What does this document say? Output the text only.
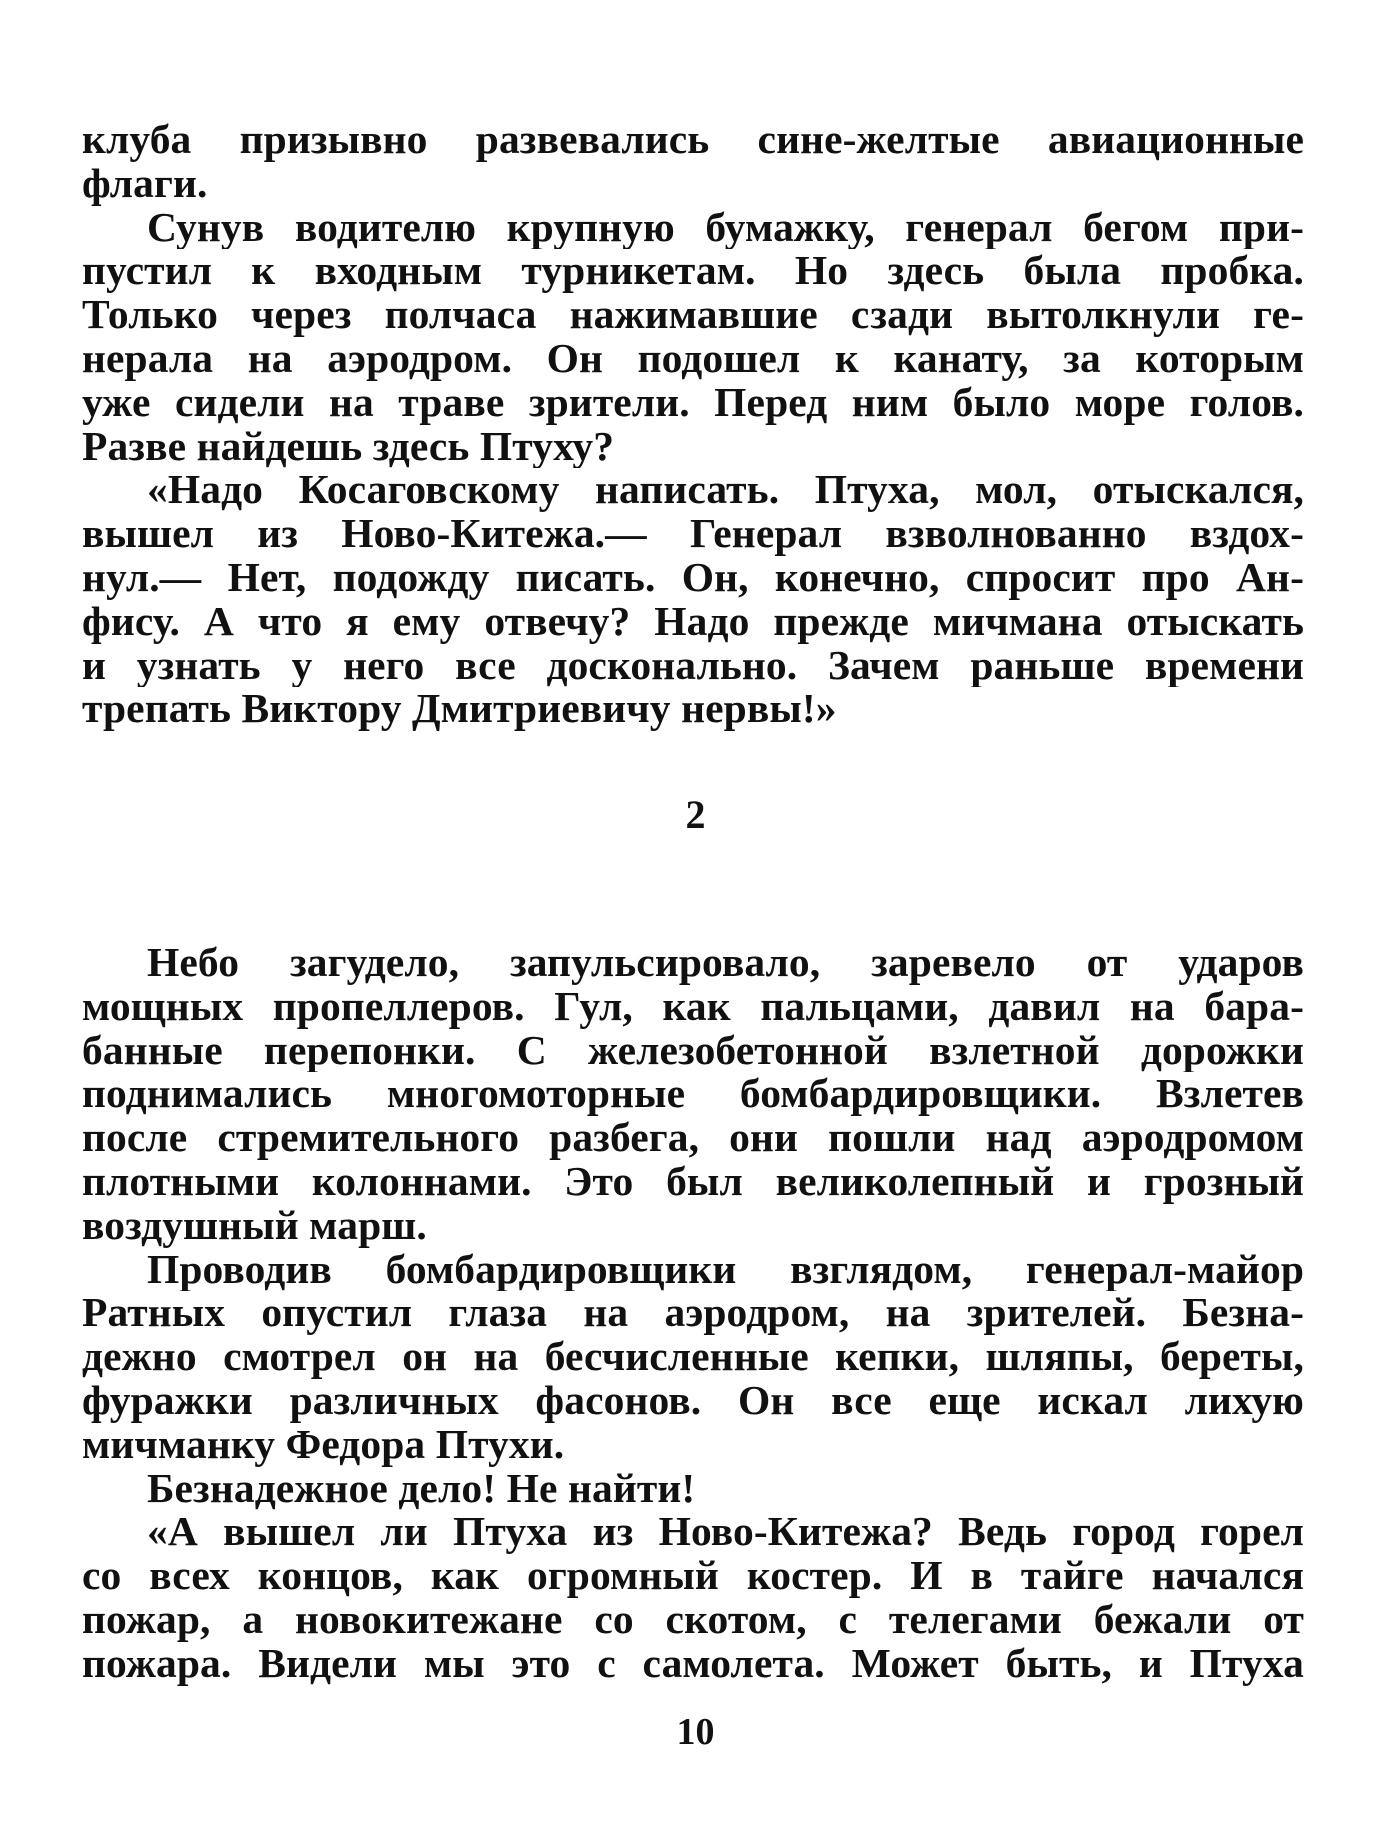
клуба призывно развевались сине-желтые авиационные
флаги.
Сунув водителю крупную бумажку, генерал бегом при-
пустил к входным турникетам. Но здесь была пробка.
Только через полчаса нажимавшие сзади вытолкнули ге-
нерала на аэродром. Он подошел к канату, за которым
уже сидели на траве зрители. Перед ним было море голов.
Разве найдешь здесь Птуху?
«Надо Косаговскому написать. Птуха, мол, отыскался,
вышел из Ново-Китежа.— Генерал взволнованно вздох-
нул.— Нет, подожду писать. Он, конечно, спросит про Ан-
фису. А что я ему отвечу? Надо прежде мичмана отыскать
и узнать у него все досконально. Зачем раньше времени
трепать Виктору Дмитриевичу нервы!»
2
Небо загудело, запульсировало, заревело от ударов
мощных пропеллеров. Гул, как пальцами, давил на бара-
банные перепонки. С железобетонной взлетной дорожки
поднимались многомоторные бомбардировщики. Взлетев
после стремительного разбега, они пошли над аэродромом
плотными колоннами. Это был великолепный и грозный
воздушный марш.
Проводив бомбардировщики взглядом, генерал-майор
Ратных опустил глаза на аэродром, на зрителей. Безна-
дежно смотрел он на бесчисленные кепки, шляпы, береты,
фуражки различных фасонов. Он все еще искал лихую
мичманку Федора Птухи.
Безнадежное дело! Не найти!
«А вышел ли Птуха из Ново-Китежа? Ведь город горел
со всех концов, как огромный костер. И в тайге начался
пожар, а новокитежане со скотом, с телегами бежали от
пожара. Видели мы это с самолета. Может быть, и Птуха
10
